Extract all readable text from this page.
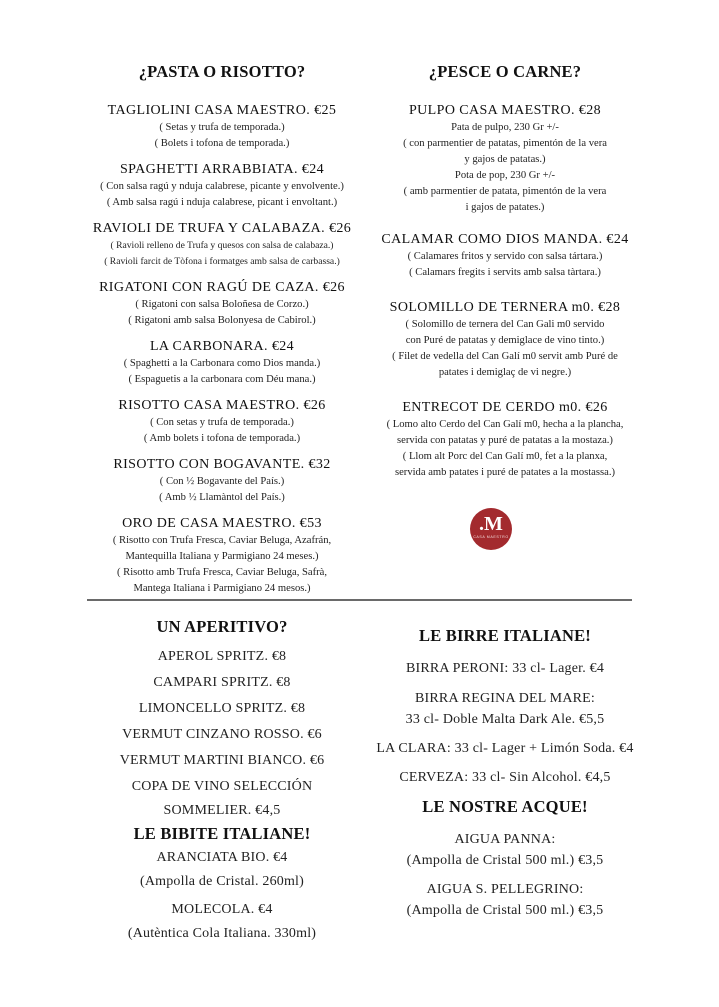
¿PASTA O RISOTTO?

TAGLIOLINI CASA MAESTRO. €25

( Setas y trufa de temporada.)

( Bolets i tofona de temporada.)

SPAGHETTI ARRABBIATA. €24

( Con salsa ragú y nduja calabrese, picante y envolvente.)

( Amb salsa ragú i nduja calabrese, picant i envoltant.)

RAVIOLI DE TRUFA Y CALABAZA. €26

( Ravioli relleno de Trufa y quesos con salsa de calabaza.)

( Ravioli farcit de Tòfona i formatges amb salsa de carbassa.)

RIGATONI CON RAGÚ DE CAZA. €26

( Rigatoni con salsa Boloñesa de Corzo.)

( Rigatoni amb salsa Bolonyesa de Cabirol.)

LA CARBONARA. €24

( Spaghetti a la Carbonara como Dios manda.)

( Espaguetis a la carbonara com Déu mana.)

RISOTTO CASA MAESTRO. €26

( Con setas y trufa de temporada.)

( Amb bolets i tofona de temporada.)

RISOTTO CON BOGAVANTE. €32

( Con ½ Bogavante del País.)

( Amb ½ Llamàntol del País.)

ORO DE CASA MAESTRO. €53

( Risotto con Trufa Fresca, Caviar Beluga, Azafrán,

Mantequilla Italiana y Parmigiano 24 meses.)

( Risotto amb Trufa Fresca, Caviar Beluga, Safrà,

Mantega Italiana i Parmigiano 24 mesos.)

¿PESCE O CARNE?

PULPO CASA MAESTRO. €28

Pata de pulpo, 230 Gr +/-

( con parmentier de patatas, pimentón de la vera

y gajos de patatas.)

Pota de pop, 230 Gr +/-

( amb parmentier de patata, pimentón de la vera

i gajos de patates.)

CALAMAR COMO DIOS MANDA. €24

( Calamares fritos y servido con salsa tártara.)

( Calamars fregits i servits amb salsa tàrtara.)

SOLOMILLO DE TERNERA m0. €28

( Solomillo de ternera del Can Gali m0 servido

con Puré de patatas y demiglace de vino tinto.)

( Filet de vedella del Can Galí m0 servit amb Puré de

patates i demiglaç de vi negre.)

ENTRECOT DE CERDO m0. €26

( Lomo alto Cerdo del Can Galí m0, hecha a la plancha,

servida con patatas y puré de patatas a la mostaza.)

( Llom alt Porc del Can Galí m0, fet a la planxa,

servida amb patates i puré de patates a la mostassa.)

.M
CASA MAESTRO
UN APERITIVO?

APEROL SPRITZ. €8

CAMPARI SPRITZ. €8

LIMONCELLO SPRITZ. €8

VERMUT CINZANO ROSSO. €6

VERMUT MARTINI BIANCO. €6

COPA DE VINO SELECCIÓN

SOMMELIER. €4,5

LE BIBITE ITALIANE!

ARANCIATA BIO. €4

(Ampolla de Cristal. 260ml)

MOLECOLA. €4

(Autèntica Cola Italiana. 330ml)

LE BIRRE ITALIANE!

BIRRA PERONI: 33 cl- Lager. €4

BIRRA REGINA DEL MARE:

33 cl- Doble Malta Dark Ale. €5,5

LA CLARA: 33 cl- Lager + Limón Soda. €4

CERVEZA: 33 cl- Sin Alcohol. €4,5

LE NOSTRE ACQUE!

AIGUA PANNA:

(Ampolla de Cristal 500 ml.) €3,5

AIGUA S. PELLEGRINO:

(Ampolla de Cristal 500 ml.) €3,5
